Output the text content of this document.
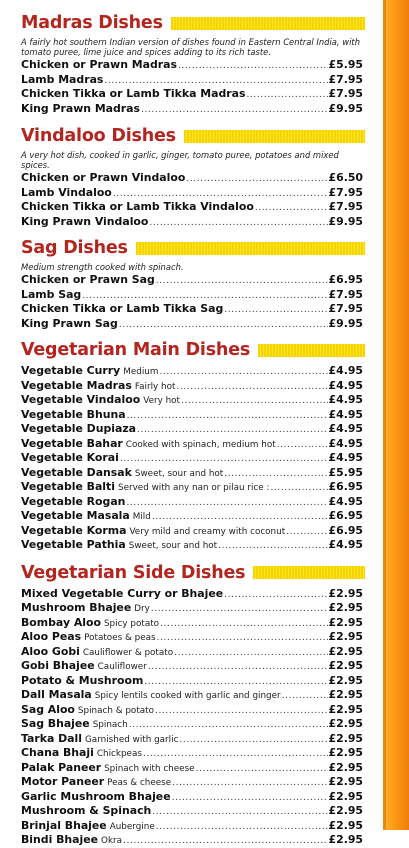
Madras Dishes
A fairly hot southern Indian version of dishes found in Eastern Central India, with tomato puree, lime juice and spices adding to its rich taste.
Chicken or Prawn Madras .....	£5.95
Lamb Madras .....	£7.95
Chicken Tikka or Lamb Tikka Madras .....	£7.95
King Prawn Madras .....	£9.95
Vindaloo Dishes
A very hot dish, cooked in garlic, ginger, tomato puree, potatoes and mixed spices.
Chicken or Prawn Vindaloo .....	£6.50
Lamb Vindaloo .....	£7.95
Chicken Tikka or Lamb Tikka Vindaloo .....	£7.95
King Prawn Vindaloo .....	£9.95
Sag Dishes
Medium strength cooked with spinach.
Chicken or Prawn Sag .....	£6.95
Lamb Sag .....	£7.95
Chicken Tikka or Lamb Tikka Sag .....	£7.95
King Prawn Sag .....	£9.95
Vegetarian Main Dishes
Vegetable Curry Medium .....	£4.95
Vegetable Madras Fairly hot .....	£4.95
Vegetable Vindaloo Very hot .....	£4.95
Vegetable Bhuna .....	£4.95
Vegetable Dupiaza .....	£4.95
Vegetable Bahar Cooked with spinach, medium hot .....	£4.95
Vegetable Korai .....	£4.95
Vegetable Dansak Sweet, sour and hot .....	£5.95
Vegetable Balti Served with any nan or pilau rice : .....	£6.95
Vegetable Rogan .....	£4.95
Vegetable Masala Mild .....	£6.95
Vegetable Korma Very mild and creamy with coconut .....	£6.95
Vegetable Pathia Sweet, sour and hot .....	£4.95
Vegetarian Side Dishes
Mixed Vegetable Curry or Bhajee .....	£2.95
Mushroom Bhajee Dry .....	£2.95
Bombay Aloo Spicy potato .....	£2.95
Aloo Peas Potatoes & peas .....	£2.95
Aloo Gobi Cauliflower & potato .....	£2.95
Gobi Bhajee Cauliflower .....	£2.95
Potato & Mushroom .....	£2.95
Dall Masala Spicy lentils cooked with garlic and ginger .....	£2.95
Sag Aloo Spinach & potato .....	£2.95
Sag Bhajee Spinach .....	£2.95
Tarka Dall Garnished with garlic .....	£2.95
Chana Bhaji Chickpeas .....	£2.95
Palak Paneer Spinach with cheese .....	£2.95
Motor Paneer Peas & cheese .....	£2.95
Garlic Mushroom Bhajee .....	£2.95
Mushroom & Spinach .....	£2.95
Brinjal Bhajee Aubergine .....	£2.95
Bindi Bhajee Okra .....	£2.95
